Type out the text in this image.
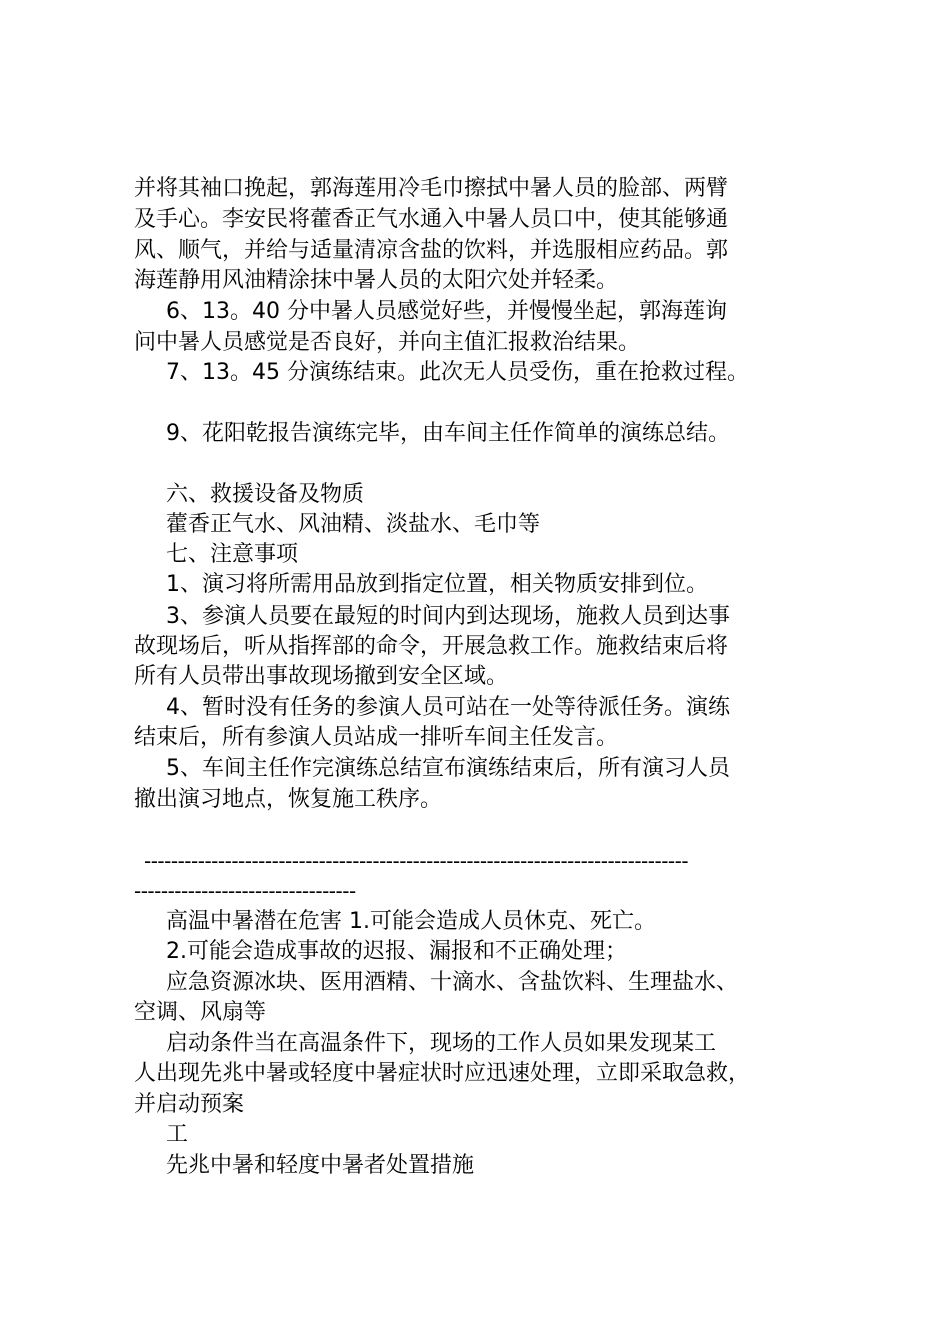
并将其袖口挽起，郭海莲用冷毛巾擦拭中暑人员的脸部、两臂
及手心。李安民将藿香正气水通入中暑人员口中，使其能够通
风、顺气，并给与适量清凉含盐的饮料，并选服相应药品。郭
海莲静用风油精涂抹中暑人员的太阳穴处并轻柔。
6、13。40 分中暑人员感觉好些，并慢慢坐起，郭海莲询
问中暑人员感觉是否良好，并向主值汇报救治结果。
7、13。45 分演练结束。此次无人员受伤，重在抢救过程。
9、花阳乾报告演练完毕，由车间主任作简单的演练总结。
六、救援设备及物质
藿香正气水、风油精、淡盐水、毛巾等
七、注意事项
1、演习将所需用品放到指定位置，相关物质安排到位。
3、参演人员要在最短的时间内到达现场，施救人员到达事
故现场后，听从指挥部的命令，开展急救工作。施救结束后将
所有人员带出事故现场撤到安全区域。
4、暂时没有任务的参演人员可站在一处等待派任务。演练
结束后，所有参演人员站成一排听车间主任发言。
5、车间主任作完演练总结宣布演练结束后，所有演习人员
撤出演习地点，恢复施工秩序。
---------------------------------------------------------------------------------
---------------------------------
高温中暑潜在危害 1.可能会造成人员休克、死亡。
2.可能会造成事故的迟报、漏报和不正确处理；
应急资源冰块、医用酒精、十滴水、含盐饮料、生理盐水、
空调、风扇等
启动条件当在高温条件下，现场的工作人员如果发现某工
人出现先兆中暑或轻度中暑症状时应迅速处理，立即采取急救，
并启动预案
工
先兆中暑和轻度中暑者处置措施
